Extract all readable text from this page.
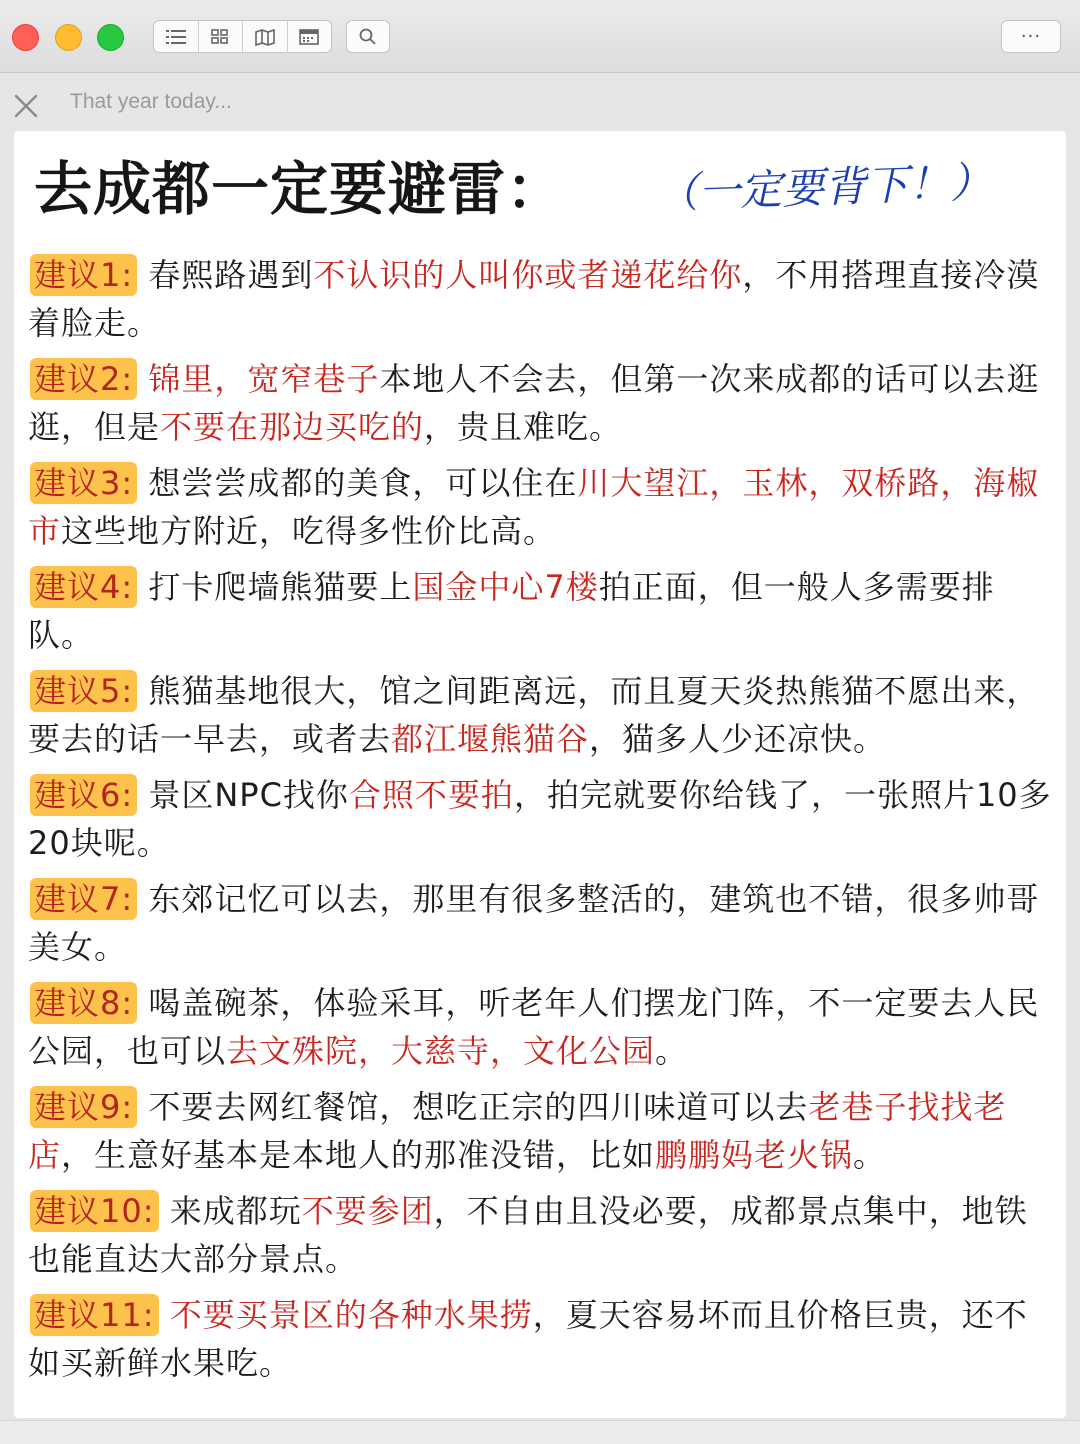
···
That year today...
去成都一定要避雷： （一定要背下！）
建议1: 春熙路遇到不认识的人叫你或者递花给你，不用搭理直接冷漠着脸走。
建议2: 锦里，宽窄巷子本地人不会去，但第一次来成都的话可以去逛逛，但是不要在那边买吃的，贵且难吃。
建议3: 想尝尝成都的美食，可以住在川大望江，玉林，双桥路，海椒市这些地方附近，吃得多性价比高。
建议4: 打卡爬墙熊猫要上国金中心7楼拍正面，但一般人多需要排队。
建议5: 熊猫基地很大，馆之间距离远，而且夏天炎热熊猫不愿出来，要去的话一早去，或者去都江堰熊猫谷，猫多人少还凉快。
建议6: 景区NPC找你合照不要拍，拍完就要你给钱了，一张照片10多20块呢。
建议7: 东郊记忆可以去，那里有很多整活的，建筑也不错，很多帅哥美女。
建议8: 喝盖碗茶，体验采耳，听老年人们摆龙门阵，不一定要去人民公园，也可以去文殊院，大慈寺，文化公园。
建议9: 不要去网红餐馆，想吃正宗的四川味道可以去老巷子找找老店，生意好基本是本地人的那准没错，比如鹏鹏妈老火锅。
建议10: 来成都玩不要参团，不自由且没必要，成都景点集中，地铁也能直达大部分景点。
建议11: 不要买景区的各种水果捞，夏天容易坏而且价格巨贵，还不如买新鲜水果吃。
